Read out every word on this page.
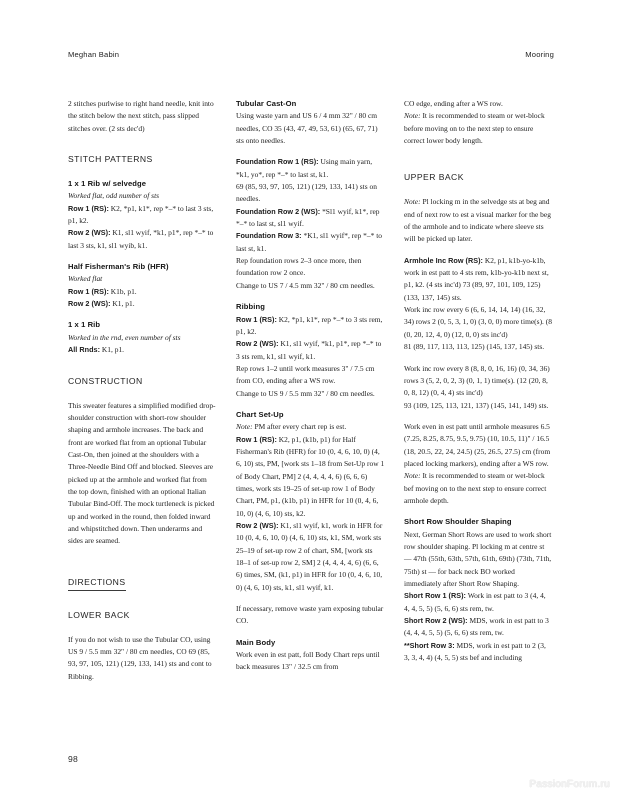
Meghan Babin	Mooring

2 stitches purlwise to right hand needle, knit into the stitch below the next stitch, pass slipped stitches over. (2 sts dec'd)

STITCH PATTERNS
1 x 1 Rib w/ selvedge
Worked flat, odd number of sts

Row 1 (RS): K2, *p1, k1*, rep *–* to last 3 sts, p1, k2.

Row 2 (WS): K1, sl1 wyif, *k1, p1*, rep *–* to last 3 sts, k1, sl1 wyib, k1.

Half Fisherman's Rib (HFR)
Worked flat

Row 1 (RS): K1b, p1.

Row 2 (WS): K1, p1.

1 x 1 Rib
Worked in the rnd, even number of sts

All Rnds: K1, p1.

CONSTRUCTION

This sweater features a simplified modified drop-shoulder construction with short-row shoulder shaping and armhole increases. The back and front are worked flat from an optional Tubular Cast-On, then joined at the shoulders with a Three-Needle Bind Off and blocked. Sleeves are picked up at the armhole and worked flat from the top down, finished with an optional Italian Tubular Bind-Off. The mock turtleneck is picked up and worked in the round, then folded inward and whipstitched down. Then underarms and sides are seamed.

DIRECTIONS
LOWER BACK

If you do not wish to use the Tubular CO, using US 9 / 5.5 mm 32" / 80 cm needles, CO 69 (85, 93, 97, 105, 121) (129, 133, 141) sts and cont to Ribbing.

Tubular Cast-On

Using waste yarn and US 6 / 4 mm 32" / 80 cm needles, CO 35 (43, 47, 49, 53, 61) (65, 67, 71) sts onto needles.

Foundation Row 1 (RS): Using main yarn, *k1, yo*, rep *–* to last st, k1.

69 (85, 93, 97, 105, 121) (129, 133, 141) sts on needles.

Foundation Row 2 (WS): *Sl1 wyif, k1*, rep *–* to last st, sl1 wyif.

Foundation Row 3: *K1, sl1 wyif*, rep *–* to last st, k1.

Rep foundation rows 2–3 once more, then foundation row 2 once.

Change to US 7 / 4.5 mm 32" / 80 cm needles.

Ribbing

Row 1 (RS): K2, *p1, k1*, rep *–* to 3 sts rem, p1, k2.

Row 2 (WS): K1, sl1 wyif, *k1, p1*, rep *–* to 3 sts rem, k1, sl1 wyif, k1.

Rep rows 1–2 until work measures 3" / 7.5 cm from CO, ending after a WS row.

Change to US 9 / 5.5 mm 32" / 80 cm needles.

Chart Set-Up

Note: PM after every chart rep is est.

Row 1 (RS): K2, p1, (k1b, p1) for Half Fisherman's Rib (HFR) for 10 (0, 4, 6, 10, 0) (4, 6, 10) sts, PM, [work sts 1–18 from Set-Up row 1 of Body Chart, PM] 2 (4, 4, 4, 4, 6) (6, 6, 6) times, work sts 19–25 of set-up row 1 of Body Chart, PM, p1, (k1b, p1) in HFR for 10 (0, 4, 6, 10, 0) (4, 6, 10) sts, k2.

Row 2 (WS): K1, sl1 wyif, k1, work in HFR for 10 (0, 4, 6, 10, 0) (4, 6, 10) sts, k1, SM, work sts 25–19 of set-up row 2 of chart, SM, [work sts 18–1 of set-up row 2, SM] 2 (4, 4, 4, 4, 6) (6, 6, 6) times, SM, (k1, p1) in HFR for 10 (0, 4, 6, 10, 0) (4, 6, 10) sts, k1, sl1 wyif, k1.

If necessary, remove waste yarn exposing tubular CO.

Main Body

Work even in est patt, foll Body Chart reps until back measures 13" / 32.5 cm from

CO edge, ending after a WS row.

Note: It is recommended to steam or wet-block before moving on to the next step to ensure correct lower body length.

UPPER BACK

Note: Pl locking m in the selvedge sts at beg and end of next row to est a visual marker for the beg of the armhole and to indicate where sleeve sts will be picked up later.

Armhole Inc Row (RS): K2, p1, k1b-yo-k1b, work in est patt to 4 sts rem, k1b-yo-k1b next st, p1, k2. (4 sts inc'd) 73 (89, 97, 101, 109, 125) (133, 137, 145) sts.

Work inc row every 6 (6, 6, 14, 14, 14) (16, 32, 34) rows 2 (0, 5, 3, 1, 0) (3, 0, 0) more time(s). (8 (0, 20, 12, 4, 0) (12, 0, 0) sts inc'd)

81 (89, 117, 113, 113, 125) (145, 137, 145) sts.

Work inc row every 8 (8, 8, 0, 16, 16) (0, 34, 36) rows 3 (5, 2, 0, 2, 3) (0, 1, 1) time(s). (12 (20, 8, 0, 8, 12) (0, 4, 4) sts inc'd)

93 (109, 125, 113, 121, 137) (145, 141, 149) sts.

Work even in est patt until armhole measures 6.5 (7.25, 8.25, 8.75, 9.5, 9.75) (10, 10.5, 11)" / 16.5 (18, 20.5, 22, 24, 24.5) (25, 26.5, 27.5) cm (from placed locking markers), ending after a WS row.

Note: It is recommended to steam or wet-block bef moving on to the next step to ensure correct armhole depth.

Short Row Shoulder Shaping

Next, German Short Rows are used to work short row shoulder shaping. Pl locking m at centre st — 47th (55th, 63th, 57th, 61th, 69th) (73th, 71th, 75th) st — for back neck BO worked immediately after Short Row Shaping.

Short Row 1 (RS): Work in est patt to 3 (4, 4, 4, 4, 5, 5) (5, 6, 6) sts rem, tw.

Short Row 2 (WS): MDS, work in est patt to 3 (4, 4, 4, 5, 5) (5, 6, 6) sts rem, tw.

**Short Row 3: MDS, work in est patt to 2 (3, 3, 3, 4, 4) (4, 5, 5) sts bef and including

98
PassionForum.ru
